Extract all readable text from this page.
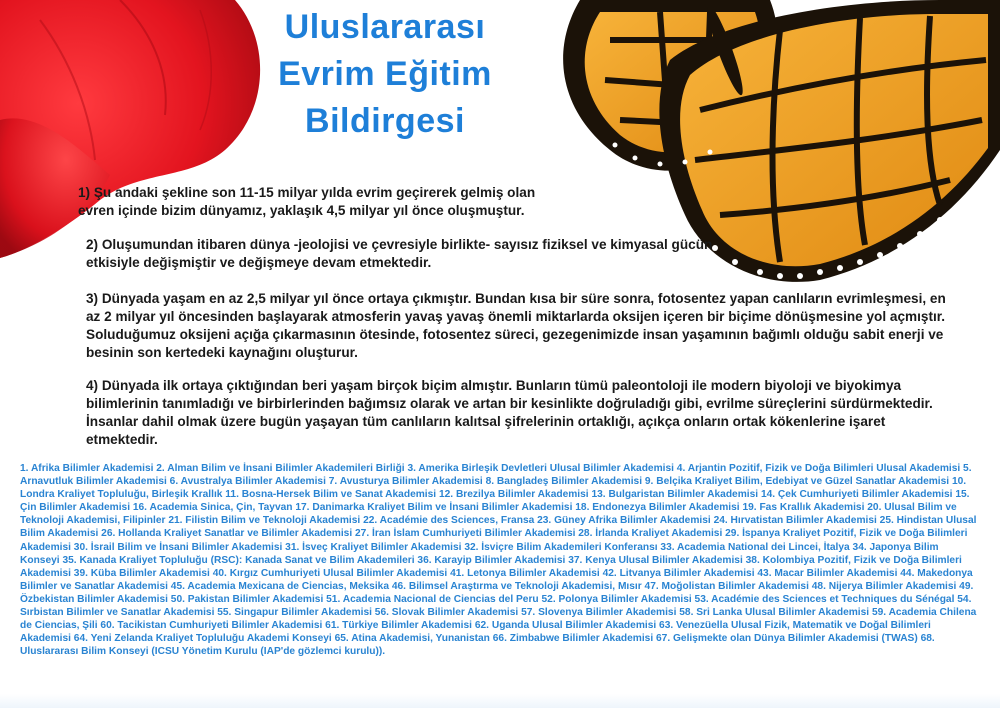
Uluslararası
Evrim Eğitim
Bildirgesi
1) Şu andaki şekline son 11-15 milyar yılda evrim geçirerek gelmiş olan evren içinde bizim dünyamız, yaklaşık 4,5 milyar yıl önce oluşmuştur.
2) Oluşumundan itibaren dünya -jeolojisi ve çevresiyle birlikte- sayısız fiziksel ve kimyasal gücün etkisiyle değişmiştir ve değişmeye devam etmektedir.
3) Dünyada yaşam en az 2,5 milyar yıl önce ortaya çıkmıştır. Bundan kısa bir süre sonra, fotosentez yapan canlıların evrimleşmesi, en az 2 milyar yıl öncesinden başlayarak atmosferin yavaş yavaş önemli miktarlarda oksijen içeren bir biçime dönüşmesine yol açmıştır. Soluduğumuz oksijeni açığa çıkarmasının ötesinde, fotosentez süreci, gezegenimizde insan yaşamının bağımlı olduğu sabit enerji ve besinin son kertedeki kaynağını oluşturur.
4) Dünyada ilk ortaya çıktığından beri yaşam birçok biçim almıştır. Bunların tümü paleontoloji ile modern biyoloji ve biyokimya bilimlerinin tanımladığı ve birbirlerinden bağımsız olarak ve artan bir kesinlikte doğruladığı gibi, evrilme süreçlerini sürdürmektedir. İnsanlar dahil olmak üzere bugün yaşayan tüm canlıların kalıtsal şifrelerinin ortaklığı, açıkça onların ortak kökenlerine işaret etmektedir.
1. Afrika Bilimler Akademisi 2. Alman Bilim ve İnsani Bilimler Akademileri Birliği 3. Amerika Birleşik Devletleri Ulusal Bilimler Akademisi 4. Arjantin Pozitif, Fizik ve Doğa Bilimleri Ulusal Akademisi 5. Arnavutluk Bilimler Akademisi 6. Avustralya Bilimler Akademisi 7. Avusturya Bilimler Akademisi 8. Bangladeş Bilimler Akademisi 9. Belçika Kraliyet Bilim, Edebiyat ve Güzel Sanatlar Akademisi 10. Londra Kraliyet Topluluğu, Birleşik Krallık 11. Bosna-Hersek Bilim ve Sanat Akademisi 12. Brezilya Bilimler Akademisi 13. Bulgaristan Bilimler Akademisi 14. Çek Cumhuriyeti Bilimler Akademisi 15. Çin Bilimler Akademisi 16. Academia Sinica, Çin, Tayvan 17. Danimarka Kraliyet Bilim ve İnsani Bilimler Akademisi 18. Endonezya Bilimler Akademisi 19. Fas Krallık Akademisi 20. Ulusal Bilim ve Teknoloji Akademisi, Filipinler 21. Filistin Bilim ve Teknoloji Akademisi 22. Académie des Sciences, Fransa 23. Güney Afrika Bilimler Akademisi 24. Hırvatistan Bilimler Akademisi 25. Hindistan Ulusal Bilim Akademisi 26. Hollanda Kraliyet Sanatlar ve Bilimler Akademisi 27. İran İslam Cumhuriyeti Bilimler Akademisi 28. İrlanda Kraliyet Akademisi 29. İspanya Kraliyet Pozitif, Fizik ve Doğa Bilimleri Akademisi 30. İsrail Bilim ve İnsani Bilimler Akademisi 31. İsveç Kraliyet Bilimler Akademisi 32. İsviçre Bilim Akademileri Konferansı 33. Academia National dei Lincei, İtalya 34. Japonya Bilim Konseyi 35. Kanada Kraliyet Topluluğu (RSC): Kanada Sanat ve Bilim Akademileri 36. Karayip Bilimler Akademisi 37. Kenya Ulusal Bilimler Akademisi 38. Kolombiya Pozitif, Fizik ve Doğa Bilimleri Akademisi 39. Küba Bilimler Akademisi 40. Kırgız Cumhuriyeti Ulusal Bilimler Akademisi 41. Letonya Bilimler Akademisi 42. Litvanya Bilimler Akademisi 43. Macar Bilimler Akademisi 44. Makedonya Bilimler ve Sanatlar Akademisi 45. Academia Mexicana de Ciencias, Meksika 46. Bilimsel Araştırma ve Teknoloji Akademisi, Mısır 47. Moğolistan Bilimler Akademisi 48. Nijerya Bilimler Akademisi 49. Özbekistan Bilimler Akademisi 50. Pakistan Bilimler Akademisi 51. Academia Nacional de Ciencias del Peru 52. Polonya Bilimler Akademisi 53. Académie des Sciences et Techniques du Sénégal 54. Sırbistan Bilimler ve Sanatlar Akademisi 55. Singapur Bilimler Akademisi 56. Slovak Bilimler Akademisi 57. Slovenya Bilimler Akademisi 58. Sri Lanka Ulusal Bilimler Akademisi 59. Academia Chilena de Ciencias, Şili 60. Tacikistan Cumhuriyeti Bilimler Akademisi 61. Türkiye Bilimler Akademisi 62. Uganda Ulusal Bilimler Akademisi 63. Venezüella Ulusal Fizik, Matematik ve Doğal Bilimleri Akademisi 64. Yeni Zelanda Kraliyet Topluluğu Akademi Konseyi 65. Atina Akademisi, Yunanistan 66. Zimbabwe Bilimler Akademisi 67. Gelişmekte olan Dünya Bilimler Akademisi (TWAS) 68. Uluslararası Bilim Konseyi (ICSU Yönetim Kurulu (IAP'de gözlemci kurulu)).
